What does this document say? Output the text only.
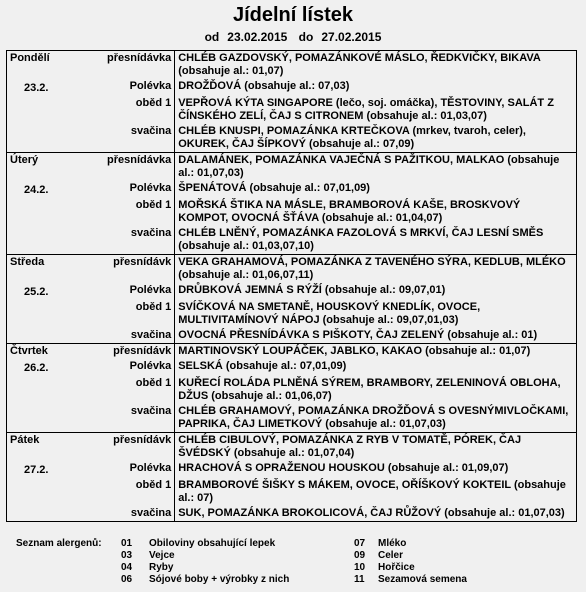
Jídelní lístek
od 23.02.2015 do 27.02.2015
Pondělí	přesnídávka	CHLÉB GAZDOVSKÝ, POMAZÁNKOVÉ MÁSLO, ŘEDKVIČKY, BIKAVA (obsahuje al.: 01,07)

23.2.	Polévka	DROŽĎOVÁ (obsahuje al.: 07,03)
	oběd 1	VEPŘOVÁ KÝTA SINGAPORE (lečo, soj. omáčka), TĚSTOVINY, SALÁT Z ČÍNSKÉHO ZELÍ, ČAJ S CITRONEM (obsahuje al.: 01,03,07)
	svačina	CHLÉB KNUSPI, POMAZÁNKA KRTEČKOVA (mrkev, tvaroh, celer), OKUREK, ČAJ ŠÍPKOVÝ (obsahuje al.: 07,09)
Úterý	přesnídávka	DALAMÁNEK, POMAZÁNKA VAJEČNÁ S PAŽITKOU, MALKAO (obsahuje al.: 01,07,03)

24.2.	Polévka	ŠPENÁTOVÁ (obsahuje al.: 07,01,09)
	oběd 1	MOŘSKÁ ŠTIKA NA MÁSLE, BRAMBOROVÁ KAŠE, BROSKVOVÝ KOMPOT, OVOCNÁ ŠŤÁVA (obsahuje al.: 01,04,07)
	svačina	CHLÉB LNĚNÝ, POMAZÁNKA FAZOLOVÁ S MRKVÍ, ČAJ LESNÍ SMĚS (obsahuje al.: 01,03,07,10)
Středa	přesnídávk	VEKA GRAHAMOVÁ, POMAZÁNKA Z TAVENÉHO SÝRA, KEDLUB, MLÉKO (obsahuje al.: 01,06,07,11)

25.2.	Polévka	DRŮBKOVÁ JEMNÁ S RÝŽÍ (obsahuje al.: 09,07,01)
	oběd 1	SVÍČKOVÁ NA SMETANĚ, HOUSKOVÝ KNEDLÍK, OVOCE, MULTIVITAMÍNOVÝ NÁPOJ (obsahuje al.: 09,07,01,03)
	svačina	OVOCNÁ PŘESNÍDÁVKA S PIŠKOTY, ČAJ ZELENÝ (obsahuje al.: 01)
Čtvrtek	přesnídávk	MARTINOVSKÝ LOUPÁČEK, JABLKO, KAKAO (obsahuje al.: 01,07)

26.2.	Polévka	SELSKÁ (obsahuje al.: 07,01,09)
	oběd 1	KUŘECÍ ROLÁDA PLNĚNÁ SÝREM, BRAMBORY, ZELENINOVÁ OBLOHA, DŽUS (obsahuje al.: 01,06,07)
	svačina	CHLÉB GRAHAMOVÝ, POMAZÁNKA DROŽĎOVÁ S OVESNÝMIVLOČKAMI, PAPRIKA, ČAJ LIMETKOVÝ (obsahuje al.: 01,07,03)
Pátek	přesnídávk	CHLÉB CIBULOVÝ, POMAZÁNKA Z RYB V TOMATĚ, PÓREK, ČAJ ŠVÉDSKÝ (obsahuje al.: 01,07,04)

27.2.	Polévka	HRACHOVÁ S OPRAŽENOU HOUSKOU (obsahuje al.: 01,09,07)
	oběd 1	BRAMBOROVÉ ŠIŠKY S MÁKEM, OVOCE, OŘÍŠKOVÝ KOKTEIL (obsahuje al.: 07)
	svačina	SUK, POMAZÁNKA BROKOLICOVÁ, ČAJ RŮŽOVÝ (obsahuje al.: 01,07,03)
Seznam alergenů:	01	Obiloviny obsahující lepek	07	Mléko
03	Vejce	09	Celer
04	Ryby	10	Hořčice
06	Sójové boby + výrobky z nich	11	Sezamová semena
